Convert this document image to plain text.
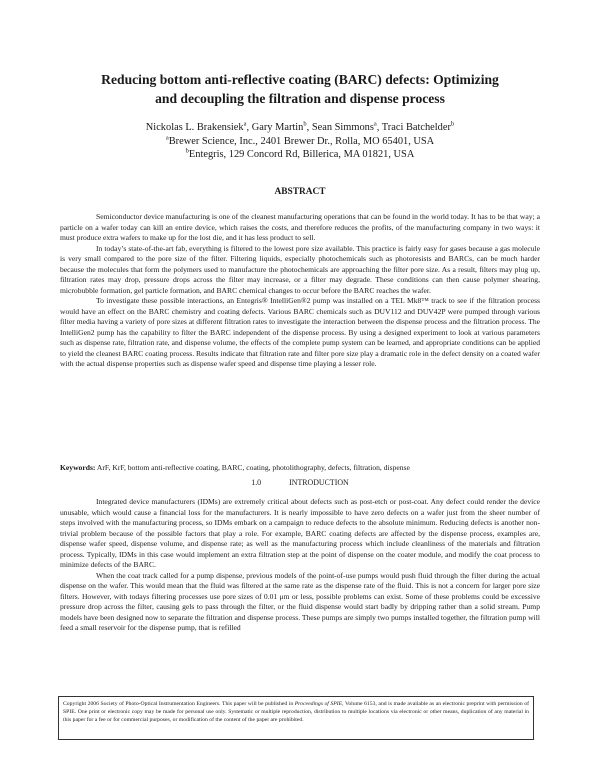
Reducing bottom anti-reflective coating (BARC) defects: Optimizing
and decoupling the filtration and dispense process
Nickolas L. Brakensiek$^a$, Gary Martin$^b$, Sean Simmons$^a$, Traci Batchelder$^b$
$^a$Brewer Science, Inc., 2401 Brewer Dr., Rolla, MO 65401, USA
$^b$Entegris, 129 Concord Rd, Billerica, MA 01821, USA
ABSTRACT

Semiconductor device manufacturing is one of the cleanest manufacturing operations that can be found in the world today. It has to be that way; a particle on a wafer today can kill an entire device, which raises the costs, and therefore reduces the profits, of the manufacturing company in two ways: it must produce extra wafers to make up for the lost die, and it has less product to sell.

In today’s state-of-the-art fab, everything is filtered to the lowest pore size available. This practice is fairly easy for gases because a gas molecule is very small compared to the pore size of the filter. Filtering liquids, especially photochemicals such as photoresists and BARCs, can be much harder because the molecules that form the polymers used to manufacture the photochemicals are approaching the filter pore size. As a result, filters may plug up, filtration rates may drop, pressure drops across the filter may increase, or a filter may degrade. These conditions can then cause polymer shearing, microbubble formation, gel particle formation, and BARC chemical changes to occur before the BARC reaches the wafer.

To investigate these possible interactions, an Entegris® IntelliGen®2 pump was installed on a TEL Mk8™ track to see if the filtration process would have an effect on the BARC chemistry and coating defects. Various BARC chemicals such as DUV112 and DUV42P were pumped through various filter media having a variety of pore sizes at different filtration rates to investigate the interaction between the dispense process and the filtration process. The IntelliGen2 pump has the capability to filter the BARC independent of the dispense process. By using a designed experiment to look at various parameters such as dispense rate, filtration rate, and dispense volume, the effects of the complete pump system can be learned, and appropriate conditions can be applied to yield the cleanest BARC coating process. Results indicate that filtration rate and filter pore size play a dramatic role in the defect density on a coated wafer with the actual dispense properties such as dispense wafer speed and dispense time playing a lesser role.

Keywords: ArF, KrF, bottom anti-reflective coating, BARC, coating, photolithography, defects, filtration, dispense
1.0	INTRODUCTION

Integrated device manufacturers (IDMs) are extremely critical about defects such as post-etch or post-coat. Any defect could render the device unusable, which would cause a financial loss for the manufacturers. It is nearly impossible to have zero defects on a wafer just from the sheer number of steps involved with the manufacturing process, so IDMs embark on a campaign to reduce defects to the absolute minimum. Reducing defects is another non-trivial problem because of the possible factors that play a role. For example, BARC coating defects are affected by the dispense process, examples are, dispense wafer speed, dispense volume, and dispense rate; as well as the manufacturing process which include cleanliness of the materials and filtration process. Typically, IDMs in this case would implement an extra filtration step at the point of dispense on the coater module, and modify the coat process to minimize defects of the BARC.

When the coat track called for a pump dispense, previous models of the point-of-use pumps would push fluid through the filter during the actual dispense on the wafer. This would mean that the fluid was filtered at the same rate as the dispense rate of the fluid. This is not a concern for larger pore size filters. However, with todays filtering processes use pore sizes of 0.01 μm or less, possible problems can exist. Some of these problems could be excessive pressure drop across the filter, causing gels to pass through the filter, or the fluid dispense would start badly by dripping rather than a solid stream. Pump models have been designed now to separate the filtration and dispense process. These pumps are simply two pumps installed together, the filtration pump will feed a small reservoir for the dispense pump, that is refilled

Copyright 2006 Society of Photo-Optical Instrumentation Engineers. This paper will be published in Proceedings of SPIE, Volume 6153, and is made available as an electronic preprint with permission of SPIE. One print or electronic copy may be made for personal use only. Systematic or multiple reproduction, distribution to multiple locations via electronic or other means, duplication of any material in this paper for a fee or for commercial purposes, or modification of the content of the paper are prohibited.
